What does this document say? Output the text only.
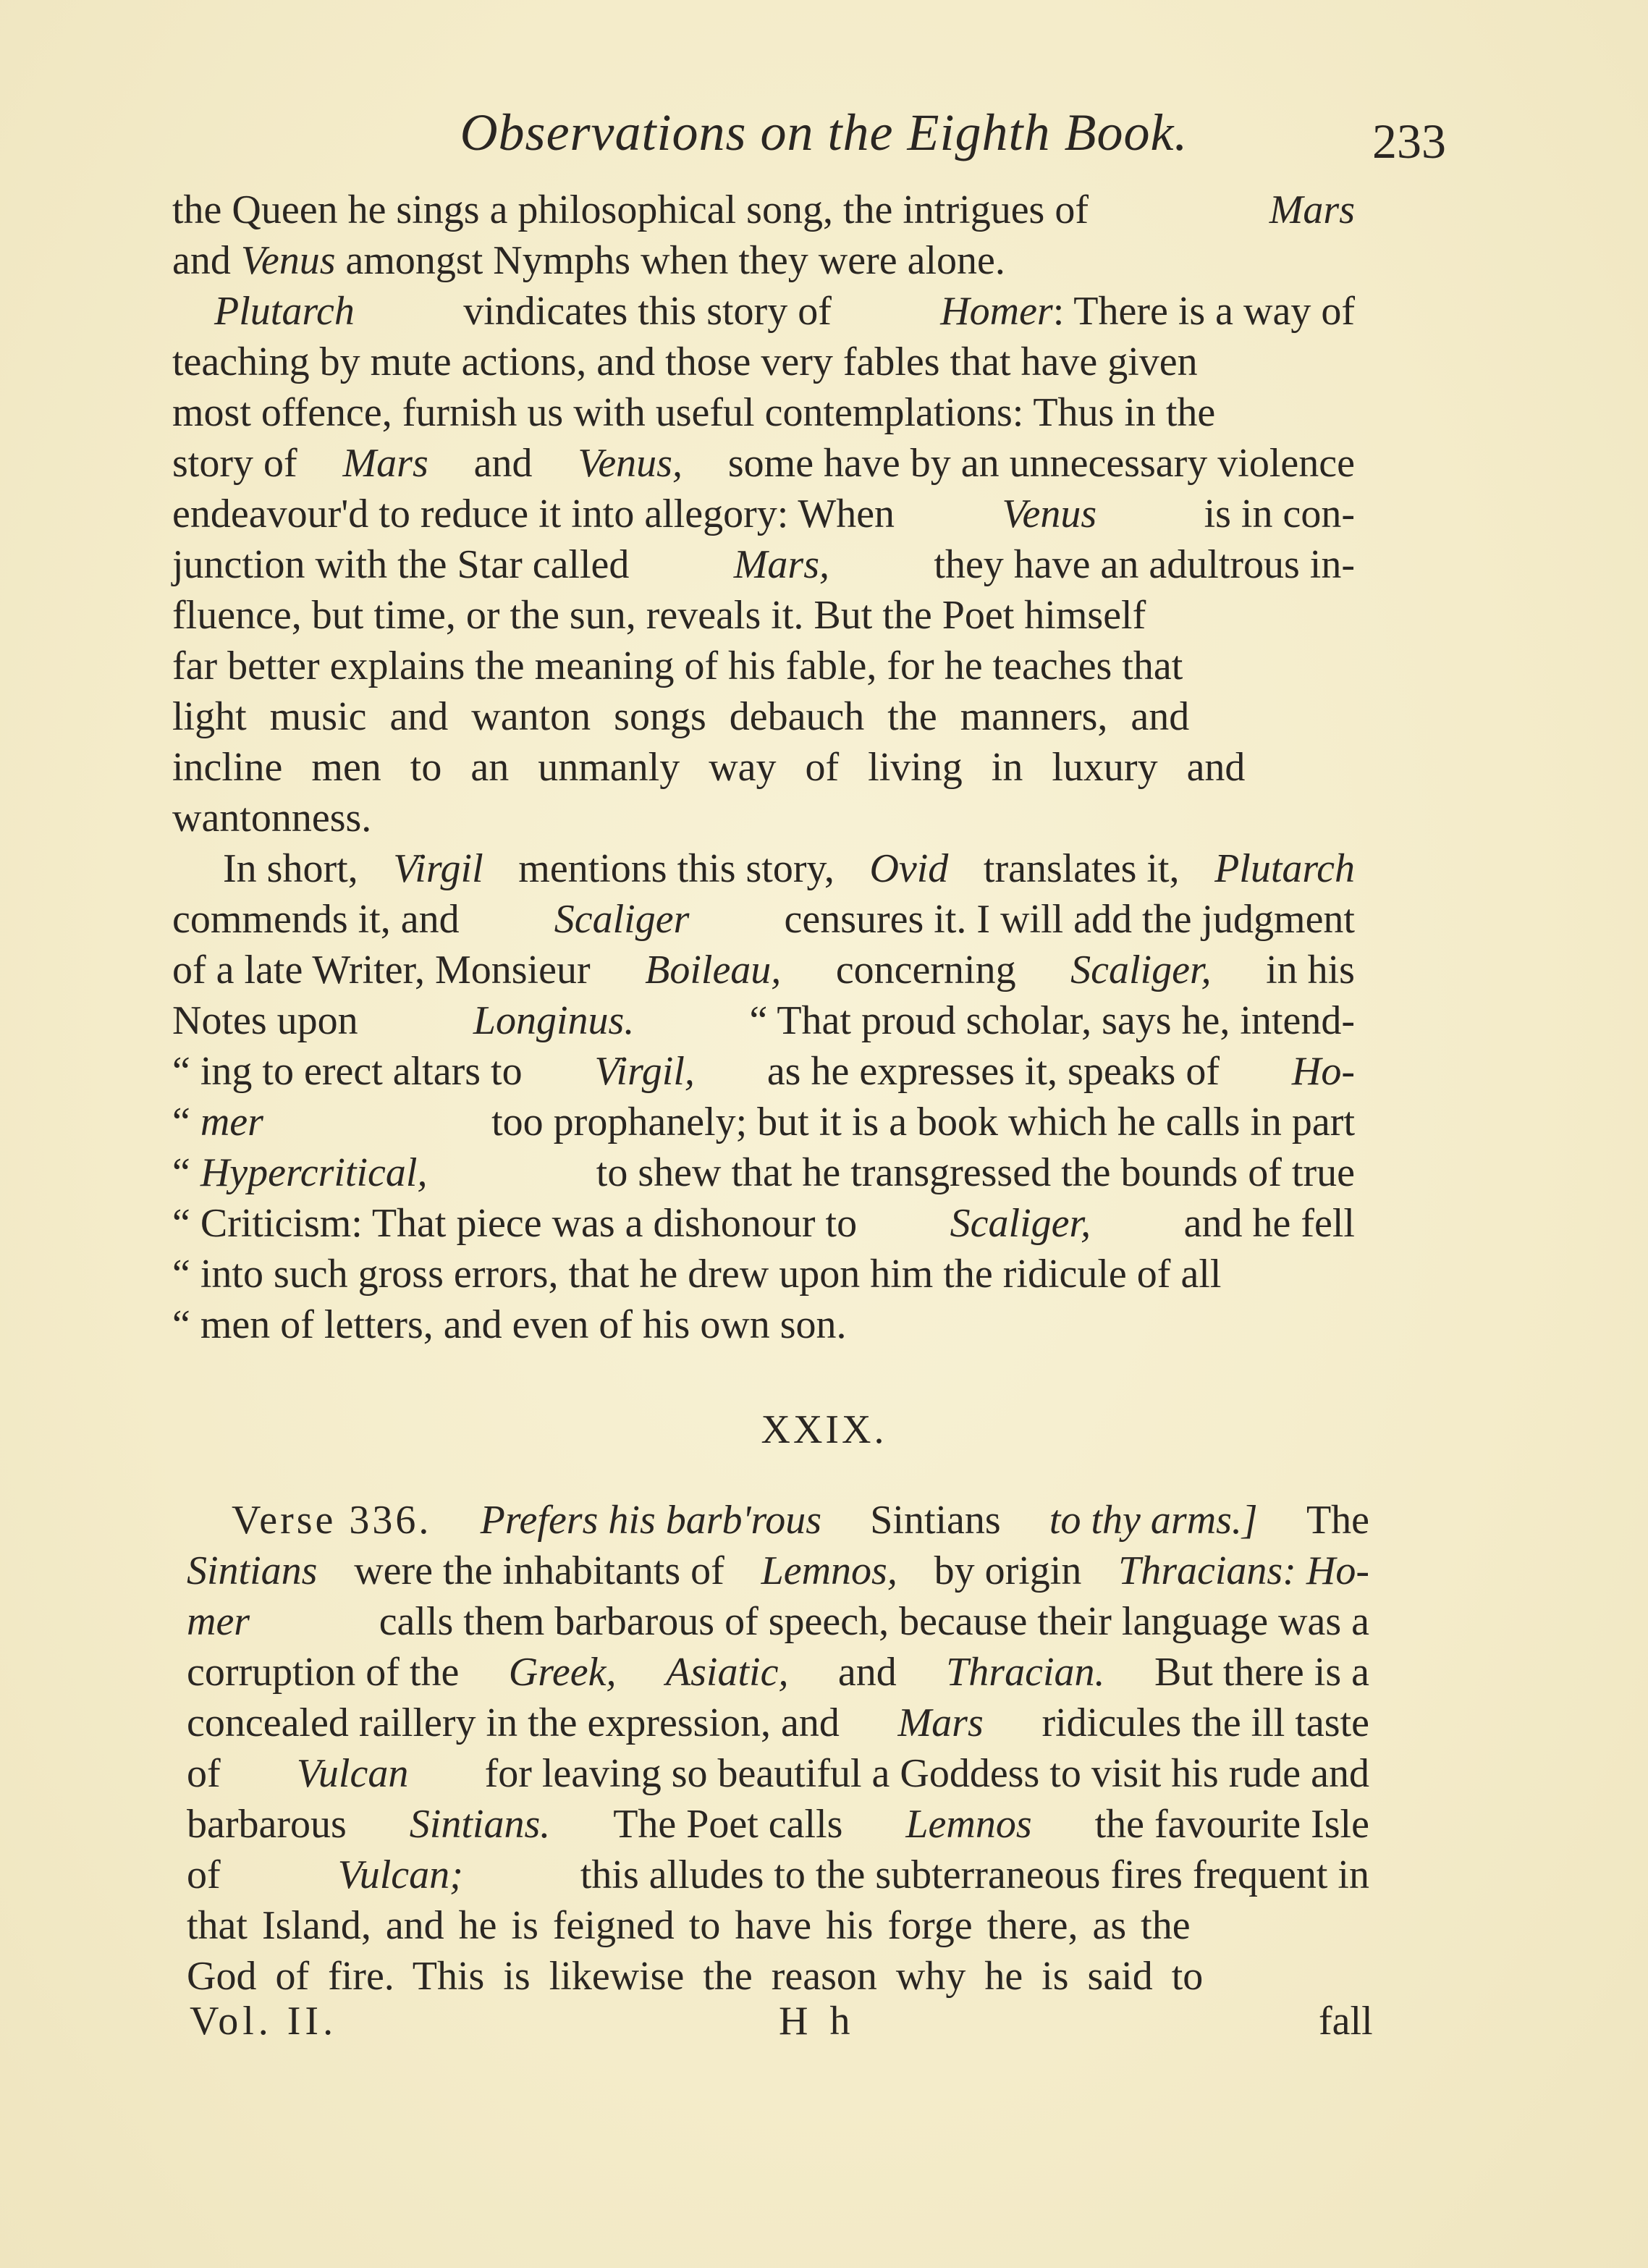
Observations on the Eighth Book.	233
the Queen he sings a philosophical song, the intrigues of	Mars
and Venus amongst Nymphs when they were alone.
Plutarch	vindicates this story of	Homer: There is a way of
teaching by mute actions, and those very fables that have given
most offence, furnish us with useful contemplations: Thus in the
story of Mars and Venus, some have by an unnecessary violence
endeavour'd to reduce it into allegory: When	Venus	is in con-
junction with the Star called	Mars,	they have an adultrous in-
fluence, but time, or the sun, reveals it. But the Poet himself
far better explains the meaning of his fable, for he teaches that
light music and wanton songs debauch the manners, and
incline men to an unmanly way of living in luxury and
wantonness.
In short, Virgil mentions this story, Ovid translates it, Plutarch
commends it, and Scaliger censures it. I will add the judgment
of a late Writer, Monsieur Boileau, concerning Scaliger, in his
Notes upon	Longinus.	“ That proud scholar, says he, intend-
“ ing to erect altars to Virgil, as he expresses it, speaks of Ho-
“ mer	too prophanely; but it is a book which he calls in part
“ Hypercritical,	to shew that he transgressed the bounds of true
“ Criticism: That piece was a dishonour to Scaliger, and he fell
“ into such gross errors, that he drew upon him the ridicule of all
“ men of letters, and even of his own son.
XXIX.
Verse 336. Prefers his barb'rous Sintians to thy arms.] The
Sintians were the inhabitants of Lemnos, by origin Thracians: Ho-
mer	calls them barbarous of speech, because their language was a
corruption of the Greek, Asiatic, and Thracian. But there is a
concealed raillery in the expression, and Mars ridicules the ill taste
of Vulcan for leaving so beautiful a Goddess to visit his rude and
barbarous Sintians. The Poet calls Lemnos the favourite Isle
of	Vulcan;	this alludes to the subterraneous fires frequent in
that Island, and he is feigned to have his forge there, as the
God of fire. This is likewise the reason why he is said to
Vol. II.	H h	fall
